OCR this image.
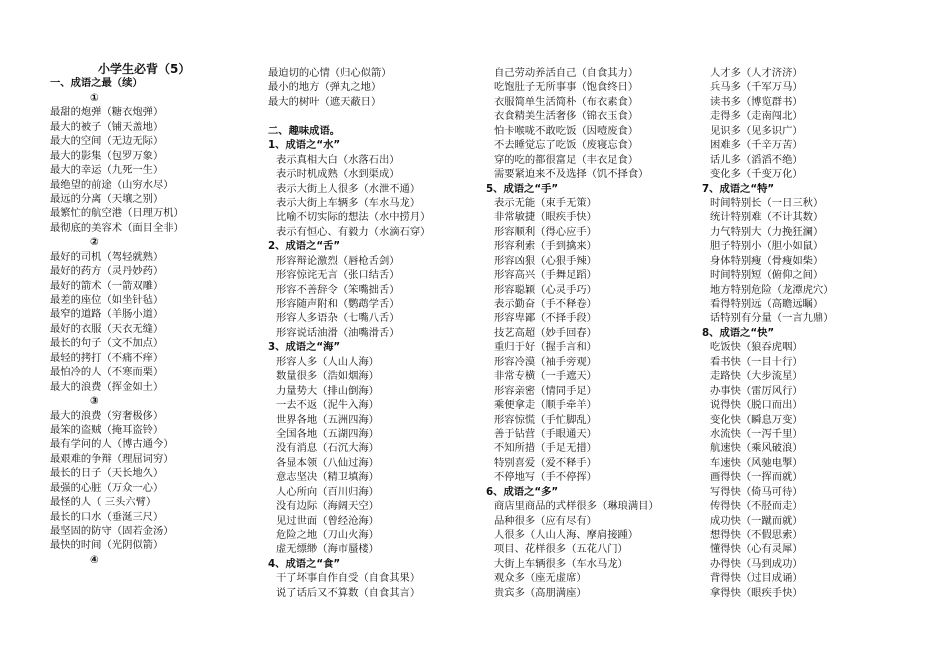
小学生必背（5）
一、成语之最（续）
①
最甜的炮弹（糖衣炮弹）
最大的被子（铺天盖地）
最大的空间（无边无际）
最大的影集（包罗万象）
最大的幸运（九死一生）
最绝望的前途（山穷水尽）
最远的分离（天壤之别）
最繁忙的航空港（日理万机）
最彻底的美容术（面目全非）
②
最好的司机（驾轻就熟）
最好的药方（灵丹妙药）
最好的箭术（一箭双雕）
最差的座位（如坐针毡）
最窄的道路（羊肠小道）
最好的衣服（天衣无缝）
最长的句子（文不加点）
最轻的拷打（不痛不痒）
最怕冷的人（不寒而栗）
最大的浪费（挥金如土）
③
最大的浪费（穷奢极侈）
最笨的盗贼（掩耳盗铃）
最有学问的人（博古通今）
最艰难的争辩（理屈词穷）
最长的日子（天长地久）
最强的心脏（万众一心）
最怪的人（ 三头六臂）
最长的口水（垂涎三尺）
最坚固的防守（固若金汤）
最快的时间（光阴似箭）
④
最迫切的心情（归心似箭）
最小的地方（弹丸之地）
最大的树叶（遮天蔽日）
二、趣味成语。
1、成语之“水”
表示真相大白（水落石出）
表示时机成熟（水到渠成）
表示大街上人很多（水泄不通）
表示大街上车辆多（车水马龙）
比喻不切实际的想法（水中捞月）
表示有恒心、有毅力（水滴石穿）
2、成语之“舌”
形容辩论激烈（唇枪舌剑）
形容惊诧无言（张口结舌）
形容不善辞令（笨嘴拙舌）
形容随声附和（鹦鹉学舌）
形容人多语杂（七嘴八舌）
形容说话油滑（油嘴滑舌）
3、成语之“海”
形容人多（人山人海）
数量很多（浩如烟海）
力量势大（排山倒海）
一去不返（泥牛入海）
世界各地（五洲四海）
全国各地（五湖四海）
没有消息（石沉大海）
各显本领（八仙过海）
意志坚决（精卫填海）
人心所向（百川归海）
没有边际（海阔天空）
见过世面（曾经沧海）
危险之地（刀山火海）
虚无缥缈（海市蜃楼）
4、成语之“食”
干了坏事自作自受（自食其果）
说了话后又不算数（自食其言）
自己劳动养活自己（自食其力）
吃饱肚子无所事事（饱食终日）
衣服简单生活简朴（布衣素食）
衣食精美生活奢侈（锦衣玉食）
怕卡喉咙不敢吃饭（因噎废食）
不去睡觉忘了吃饭（废寝忘食）
穿的吃的都很富足（丰衣足食）
需要紧迫来不及选择（饥不择食）
5、成语之“手”
表示无能（束手无策）
非常敏捷（眼疾手快）
形容顺利（得心应手）
形容利索（手到擒来）
形容凶狠（心狠手辣）
形容高兴（手舞足蹈）
形容聪颖（心灵手巧）
表示勤奋（手不释卷）
形容卑鄙（不择手段）
技艺高超（妙手回春）
重归于好（握手言和）
形容冷漠（袖手旁观）
非常专横（一手遮天）
形容亲密（情同手足）
乘便拿走（顺手牵羊）
形容惊慌（手忙脚乱）
善于钻营（手眼通天）
不知所措（手足无措）
特别喜爱（爱不释手）
不停地写（手不停挥）
6、成语之“多”
商店里商品的式样很多（琳琅满目）
品种很多（应有尽有）
人很多（人山人海、摩肩接踵）
项目、花样很多（五花八门）
大街上车辆很多（车水马龙）
观众多（座无虚席）
贵宾多（高朋满座）
人才多（人才济济）
兵马多（千军万马）
读书多（博览群书）
走得多（走南闯北）
见识多（见多识广）
困难多（千辛万苦）
话儿多（滔滔不绝）
变化多（千变万化）
7、成语之“特”
时间特别长（一日三秋）
统计特别难（不计其数）
力气特别大（力挽狂澜）
胆子特别小（胆小如鼠）
身体特别瘦（骨瘦如柴）
时间特别短（俯仰之间）
地方特别危险（龙潭虎穴）
看得特别远（高瞻远瞩）
话特别有分量（一言九鼎）
8、成语之“快”
吃饭快（狼吞虎咽）
看书快（一目十行）
走路快（大步流星）
办事快（雷厉风行）
说得快（脱口而出）
变化快（瞬息万变）
水流快（一泻千里）
航速快（乘风破浪）
车速快（风驰电掣）
画得快（一挥而就）
写得快（倚马可待）
传得快（不胫而走）
成功快（一蹴而就）
想得快（不假思索）
懂得快（心有灵犀）
办得快（马到成功）
背得快（过目成诵）
拿得快（眼疾手快）
